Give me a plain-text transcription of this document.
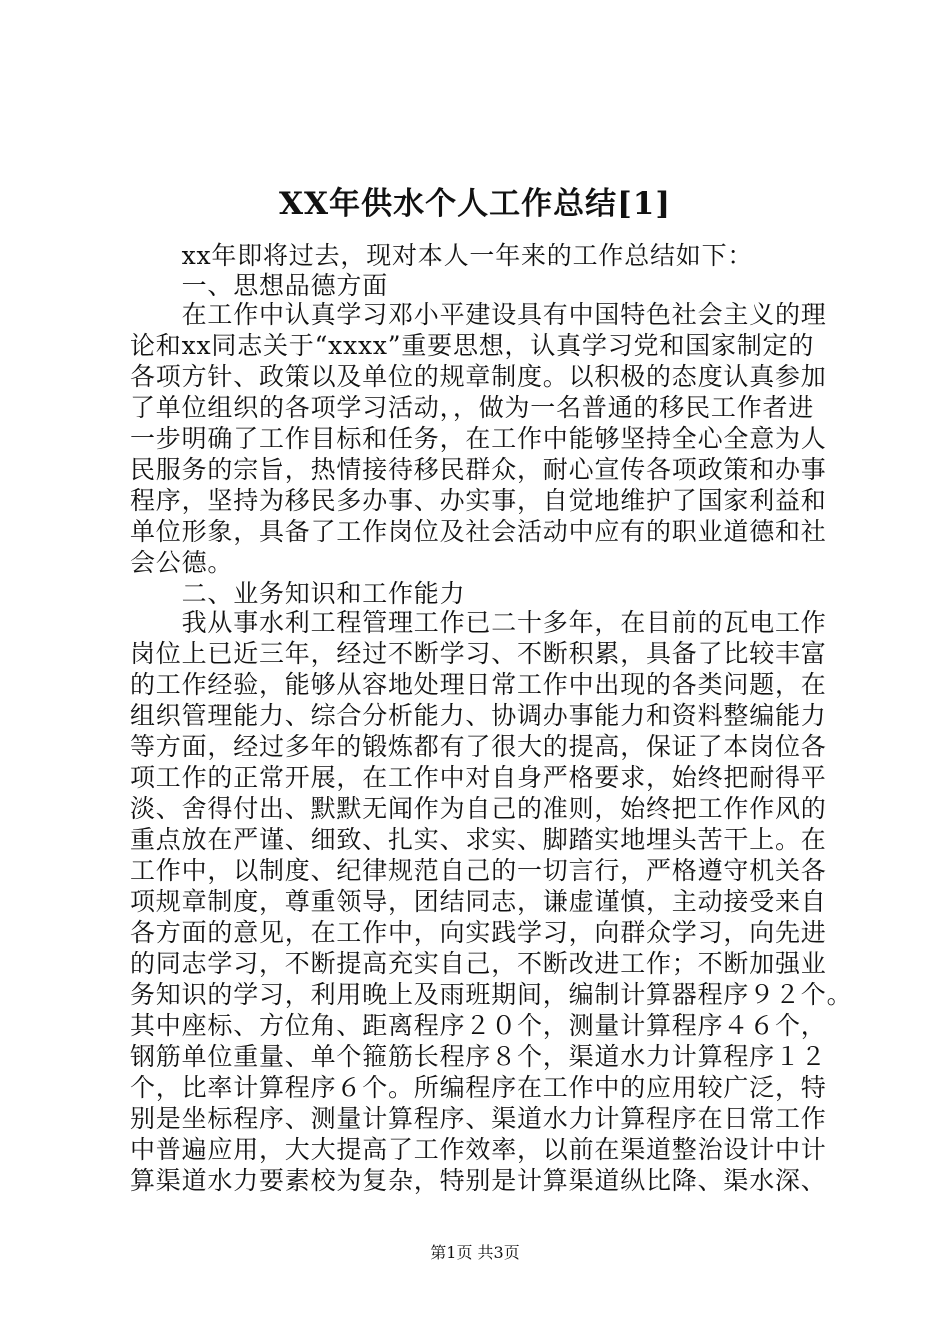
XX年供水个人工作总结[1]
　　xx年即将过去，现对本人一年来的工作总结如下：
　　一、思想品德方面
　　在工作中认真学习邓小平建设具有中国特色社会主义的理
论和xx同志关于“xxxx”重要思想，认真学习党和国家制定的
各项方针、政策以及单位的规章制度。以积极的态度认真参加
了单位组织的各项学习活动，，做为一名普通的移民工作者进
一步明确了工作目标和任务，在工作中能够坚持全心全意为人
民服务的宗旨，热情接待移民群众，耐心宣传各项政策和办事
程序，坚持为移民多办事、办实事，自觉地维护了国家利益和
单位形象，具备了工作岗位及社会活动中应有的职业道德和社
会公德。
　　二、业务知识和工作能力
　　我从事水利工程管理工作已二十多年，在目前的瓦电工作
岗位上已近三年，经过不断学习、不断积累，具备了比较丰富
的工作经验，能够从容地处理日常工作中出现的各类问题，在
组织管理能力、综合分析能力、协调办事能力和资料整编能力
等方面，经过多年的锻炼都有了很大的提高，保证了本岗位各
项工作的正常开展，在工作中对自身严格要求，始终把耐得平
淡、舍得付出、默默无闻作为自己的准则，始终把工作作风的
重点放在严谨、细致、扎实、求实、脚踏实地埋头苦干上。在
工作中，以制度、纪律规范自己的一切言行，严格遵守机关各
项规章制度，尊重领导，团结同志，谦虚谨慎，主动接受来自
各方面的意见，在工作中，向实践学习，向群众学习，向先进
的同志学习，不断提高充实自己，不断改进工作；不断加强业
务知识的学习，利用晚上及雨班期间，编制计算器程序９２个。
其中座标、方位角、距离程序２０个，测量计算程序４６个，
钢筋单位重量、单个箍筋长程序８个，渠道水力计算程序１２
个，比率计算程序６个。所编程序在工作中的应用较广泛，特
别是坐标程序、测量计算程序、渠道水力计算程序在日常工作
中普遍应用，大大提高了工作效率，以前在渠道整治设计中计
算渠道水力要素校为复杂，特别是计算渠道纵比降、渠水深、
第1页 共3页
